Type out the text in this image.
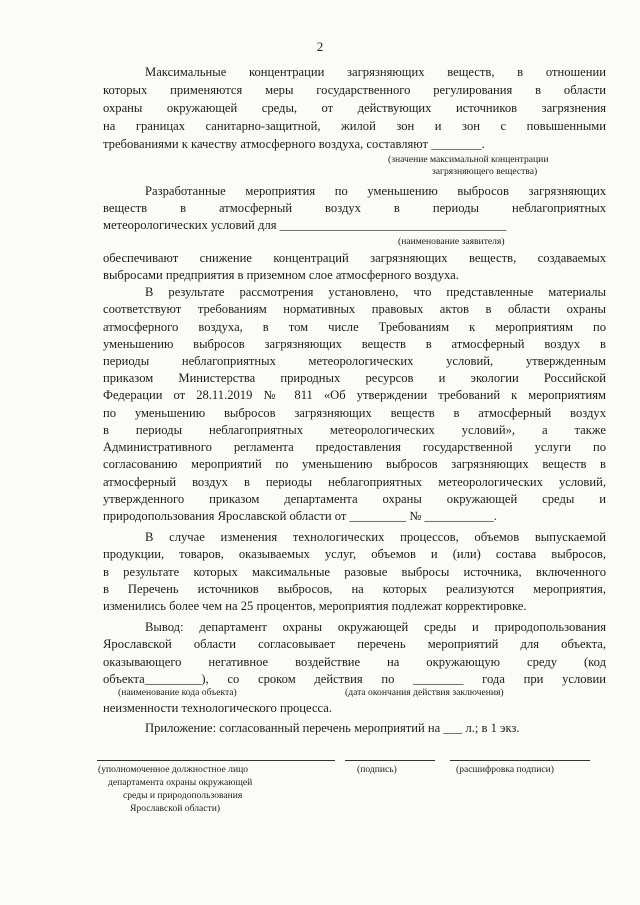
2
Максимальные концентрации загрязняющих веществ, в отношении
которых применяются меры государственного регулирования в области
охраны окружающей среды, от действующих источников загрязнения
на границах санитарно-защитной, жилой зон и зон с повышенными
требованиями к качеству атмосферного воздуха, составляют ________.
(значение максимальной концентрации
загрязняющего вещества)
Разработанные мероприятия по уменьшению выбросов загрязняющих
веществ в атмосферный воздух в периоды неблагоприятных
метеорологических условий для ____________________________________
(наименование заявителя)
обеспечивают снижение концентраций загрязняющих веществ, создаваемых
выбросами предприятия в приземном слое атмосферного воздуха.
В результате рассмотрения установлено, что представленные материалы
соответствуют требованиям нормативных правовых актов в области охраны
атмосферного воздуха, в том числе Требованиям к мероприятиям по
уменьшению выбросов загрязняющих веществ в атмосферный воздух в
периоды неблагоприятных метеорологических условий, утвержденным
приказом Министерства природных ресурсов и экологии Российской
Федерации от 28.11.2019 № 811 «Об утверждении требований к мероприятиям
по уменьшению выбросов загрязняющих веществ в атмосферный воздух
в периоды неблагоприятных метеорологических условий», а также
Административного регламента предоставления государственной услуги по
согласованию мероприятий по уменьшению выбросов загрязняющих веществ в
атмосферный воздух в периоды неблагоприятных метеорологических условий,
утвержденного приказом департамента охраны окружающей среды и
природопользования Ярославской области от _________ № ___________.
В случае изменения технологических процессов, объемов выпускаемой
продукции, товаров, оказываемых услуг, объемов и (или) состава выбросов,
в результате которых максимальные разовые выбросы источника, включенного
в Перечень источников выбросов, на которых реализуются мероприятия,
изменились более чем на 25 процентов, мероприятия подлежат корректировке.
Вывод: департамент охраны окружающей среды и природопользования
Ярославской области согласовывает перечень мероприятий для объекта,
оказывающего негативное воздействие на окружающую среду (код
объекта_________), со сроком действия по ________ года при условии
(наименование кода объекта)	(дата окончания действия заключения)
неизменности технологического процесса.
Приложение: согласованный перечень мероприятий на ___ л.; в 1 экз.
(уполномоченное должностное лицо
департамента охраны окружающей
среды и природопользования
Ярославской области)
(подпись)	(расшифровка подписи)
